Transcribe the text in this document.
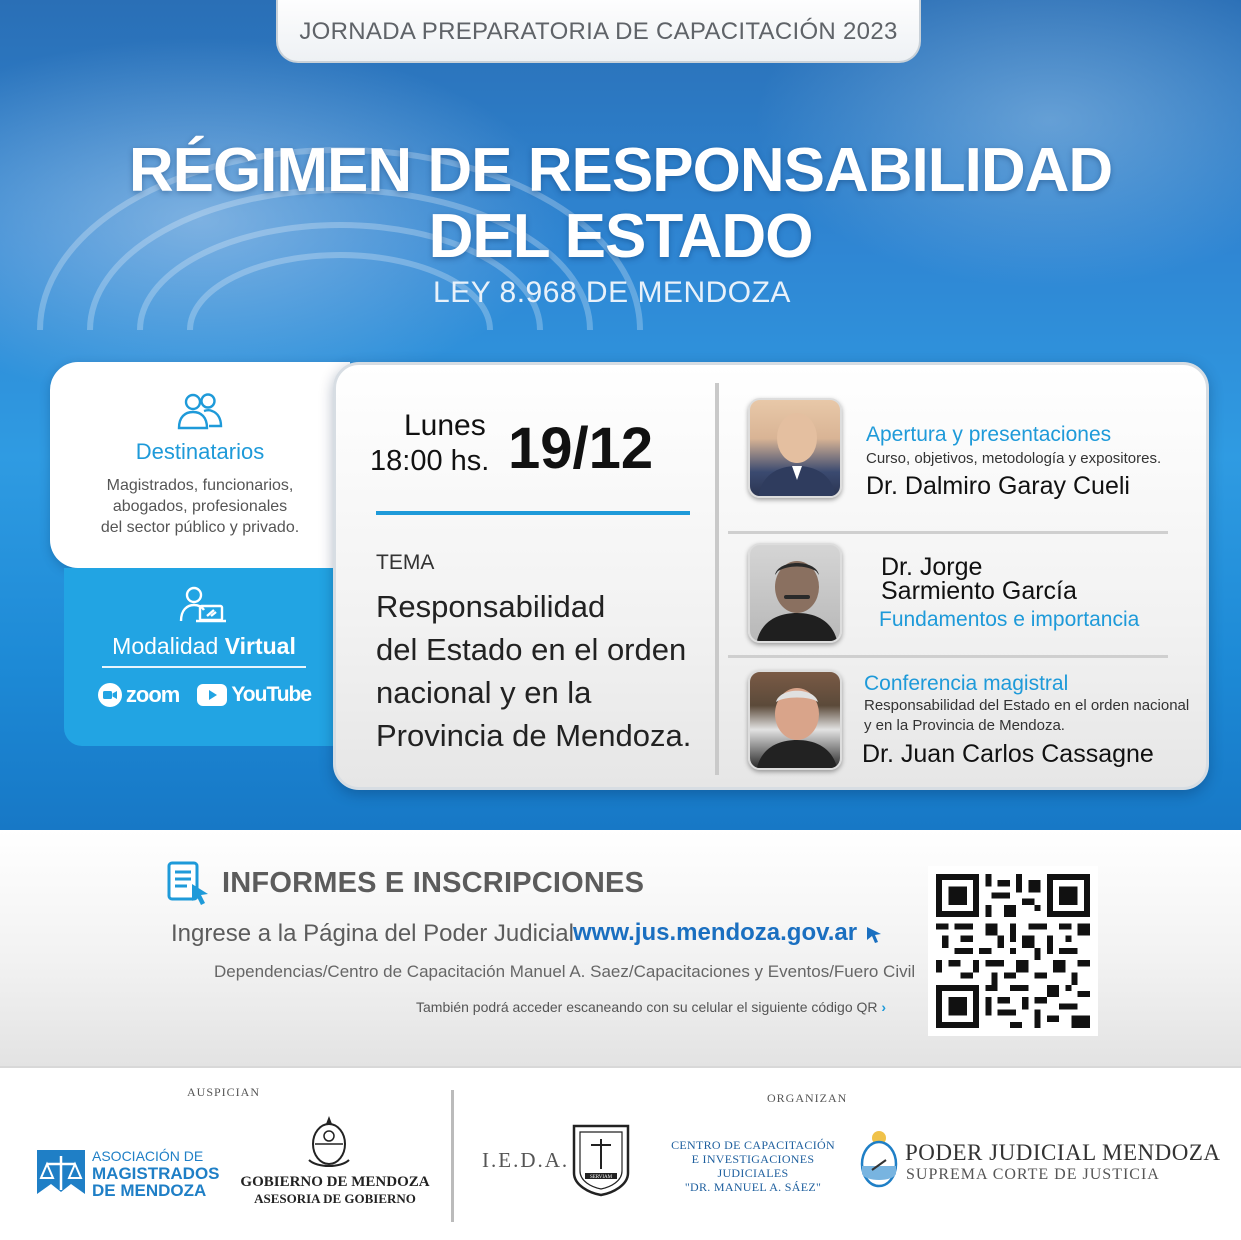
JORNADA PREPARATORIA DE CAPACITACIÓN 2023
RÉGIMEN DE RESPONSABILIDAD
DEL ESTADO
LEY 8.968 DE MENDOZA
Destinatarios
Magistrados, funcionarios,
abogados, profesionales
del sector público y privado.
Modalidad Virtual
zoom YouTube
Lunes
18:00 hs. 19/12
TEMA
Responsabilidad
del Estado en el orden
nacional y en la
Provincia de Mendoza.
Apertura y presentaciones
Curso, objetivos, metodología y expositores.
Dr. Dalmiro Garay Cueli
Dr. Jorge
Sarmiento García
Fundamentos e importancia
Conferencia magistral
Responsabilidad del Estado en el orden nacional
y en la Provincia de Mendoza.
Dr. Juan Carlos Cassagne
INFORMES E INSCRIPCIONES
Ingrese a la Página del Poder Judicial www.jus.mendoza.gov.ar
Dependencias/Centro de Capacitación Manuel A. Saez/Capacitaciones y Eventos/Fuero Civil
También podrá acceder escaneando con su celular el siguiente código QR ›
AUSPICIAN	ORGANIZAN
ASOCIACIÓN DE
MAGISTRADOS
DE MENDOZA	GOBIERNO DE MENDOZA
ASESORIA DE GOBIERNO
I.E.D.A.
SERVIAM
CENTRO DE CAPACITACIÓN
E INVESTIGACIONES JUDICIALES
"DR. MANUEL A. SÁEZ"
PODER JUDICIAL MENDOZA
SUPREMA CORTE DE JUSTICIA
